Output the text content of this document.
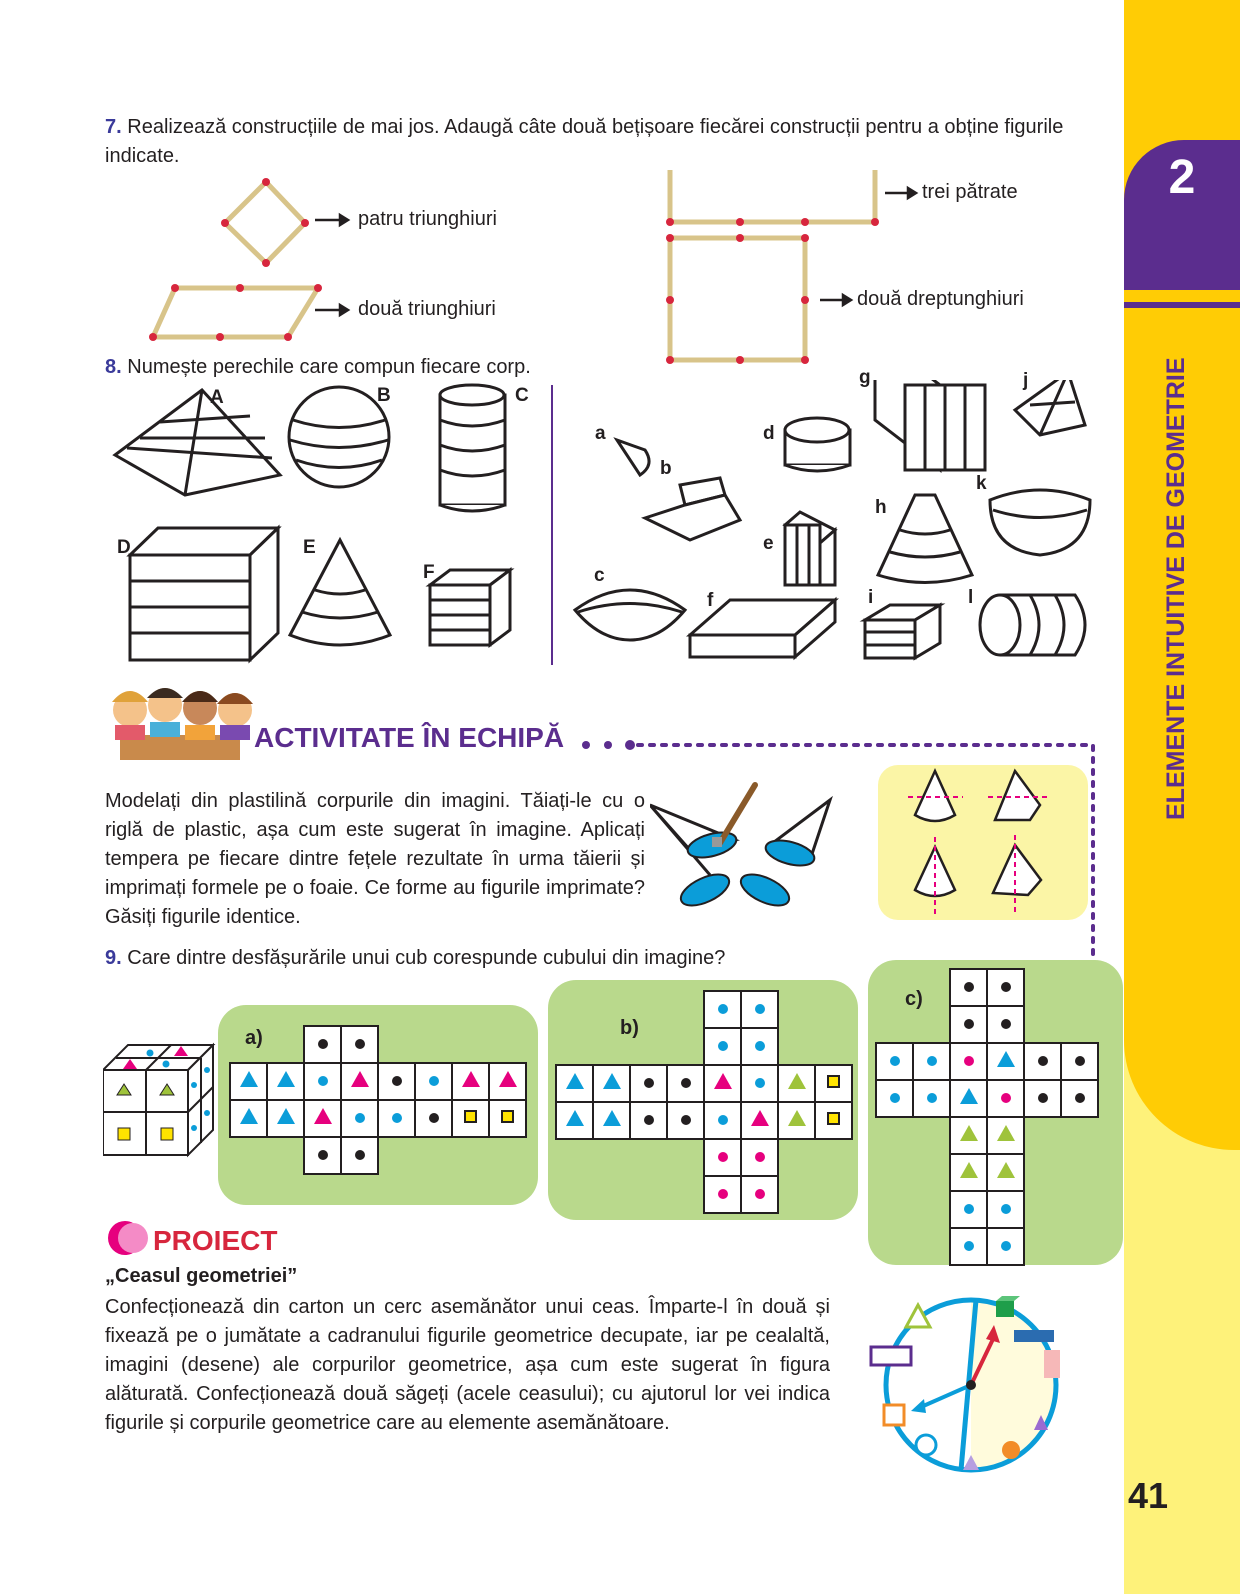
2
ELEMENTE INTUITIVE DE GEOMETRIE
41
7. Realizează construcțiile de mai jos. Adaugă câte două bețișoare fiecărei construcții pentru a obține figurile indicate.
patru triunghiuri
două triunghiuri
trei pătrate
două dreptunghiuri
8. Numește perechile care compun fiecare corp.
A	B	C
D	E
F
a
b
c
d
e
f
g
h
i
j
k
l
ACTIVITATE ÎN ECHIPĂ
Modelați din plastilină corpurile din imagini. Tăiați-le cu o riglă de plastic, așa cum este sugerat în imagine. Aplicați tempera pe fiecare dintre fețele rezultate în urma tăierii și imprimați formele pe o foaie. Ce forme au figurile imprimate? Găsiți figurile identice.
9. Care dintre desfășurările unui cub corespunde cubului din imagine?
a)	b)
c)

PROIECT
„Ceasul geometriei”
Confecționează din carton un cerc asemănător unui ceas. Împarte-l în două și fixează pe o jumătate a cadranului figurile geometrice decupate, iar pe cealaltă, imagini (desene) ale corpurilor geometrice, așa cum este sugerat în figura alăturată. Confecționează două săgeți (acele ceasului); cu ajutorul lor vei indica figurile și corpurile geometrice care au elemente asemănătoare.
